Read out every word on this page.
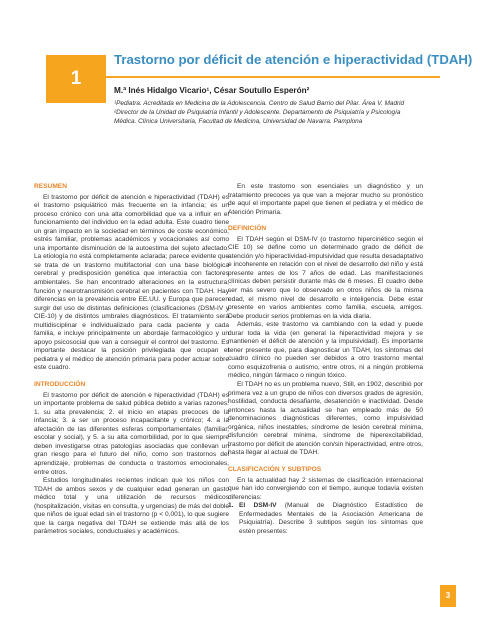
1
Trastorno por déficit de atención e hiperactividad (TDAH)
M.ª Inés Hidalgo Vicario¹, César Soutullo Esperón²
¹Pediatra. Acreditada en Medicina de la Adolescencia. Centro de Salud Barrio del Pilar. Área V. Madrid
²Director de la Unidad de Psiquiatría Infantil y Adolescente. Departamento de Psiquiatría y Psicología
Médica. Clínica Universitaria, Facultad de Medicina, Universidad de Navarra. Pamplona
RESUMEN

El trastorno por déficit de atención e hiperactividad (TDAH) es el trastorno psiquiátrico más frecuente en la infancia; es un proceso crónico con una alta comorbilidad que va a influir en el funcionamiento del individuo en la edad adulta. Este cuadro tiene un gran impacto en la sociedad en términos de coste económico, estrés familiar, problemas académicos y vocacionales así como una importante disminución de la autoestima del sujeto afectado. La etiología no está completamente aclarada; parece evidente que se trata de un trastorno multifactorial con una base biológica cerebral y predisposición genética que interactúa con factores ambientales. Se han encontrado alteraciones en la estructura, función y neurotransmisión cerebral en pacientes con TDAH. Hay diferencias en la prevalencia entre EE.UU. y Europa que parecen surgir del uso de distintas definiciones (clasificaciones (DSM-IV y CIE-10) y de distintos umbrales diagnósticos. El tratamiento será multidisciplinar e individualizado para cada paciente y cada familia, e incluye principalmente un abordaje farmacológico y un apoyo psicosocial que van a conseguir el control del trastorno. Es importante destacar la posición privilegiada que ocupan el pediatra y el médico de atención primaria para poder actuar sobre este cuadro.

INTRODUCCIÓN

El trastorno por déficit de atención e hiperactividad (TDAH) es un importante problema de salud pública debido a varias razones: 1. su alta prevalencia; 2. el inicio en etapas precoces de la infancia; 3. a ser un proceso incapacitante y crónico; 4. a la afectación de las diferentes esferas comportamentales (familiar, escolar y social), y 5. a su alta comorbilidad, por lo que siempre deben investigarse otras patologías asociadas que conllevan un gran riesgo para el futuro del niño, como son trastornos del aprendizaje, problemas de conducta o trastornos emocionales, entre otros.

Estudios longitudinales recientes indican que los niños con TDAH de ambos sexos y de cualquier edad generan un gasto médico total y una utilización de recursos médicos (hospitalización, visitas en consulta, y urgencias) de más del doble que niños de igual edad sin el trastorno (p < 0,001), lo que sugiere que la carga negativa del TDAH se extiende más allá de los parámetros sociales, conductuales y académicos.

En este trastorno son esenciales un diagnóstico y un tratamiento precoces ya que van a mejorar mucho su pronóstico de aquí el importante papel que tienen el pediatra y el médico de Atención Primaria.

DEFINICIÓN

El TDAH según el DSM-IV (o trastorno hipercinético según el CIE 10) se define como un determinado grado de déficit de atención y/o hiperactividad-impulsividad que resulta desadaptativo e incoherente en relación con el nivel de desarrollo del niño y está presente antes de los 7 años de edad. Las manifestaciones clínicas deben persistir durante más de 6 meses. El cuadro debe ser más severo que lo observado en otros niños de la misma edad, el mismo nivel de desarrollo e inteligencia. Debe estar presente en varios ambientes como familia, escuela, amigos. Debe producir serios problemas en la vida diaria.

Además, este trastorno va cambiando con la edad y puede durar toda la vida (en general la hiperactividad mejora y se mantienen el déficit de atención y la impulsividad). Es importante tener presente que, para diagnosticar un TDAH, los síntomas del cuadro clínico no pueden ser debidos a otro trastorno mental como esquizofrenia o autismo, entre otros, ni a ningún problema médico, ningún fármaco o ningún tóxico.

El TDAH no es un problema nuevo, Still, en 1902, describió por primera vez a un grupo de niños con diversos grados de agresión, hostilidad, conducta desafiante, desatención e inactividad. Desde entonces hasta la actualidad se han empleado más de 50 denominaciones diagnósticas diferentes, como impulsividad orgánica, niños inestables, síndrome de lesión cerebral mínima, disfunción cerebral mínima, síndrome de hiperexcitabilidad, trastorno por déficit de atención con/sin hiperactividad, entre otros, hasta llegar al actual de TDAH.

CLASIFICACIÓN Y SUBTIPOS

En la actualidad hay 2 sistemas de clasificación internacional que han ido convergiendo con el tiempo, aunque todavía existen diferencias:

1. El DSM-IV (Manual de Diagnóstico Estadístico de Enfermedades Mentales de la Asociación Americana de Psiquiatría). Describe 3 subtipos según los síntomas que estén presentes:
3
